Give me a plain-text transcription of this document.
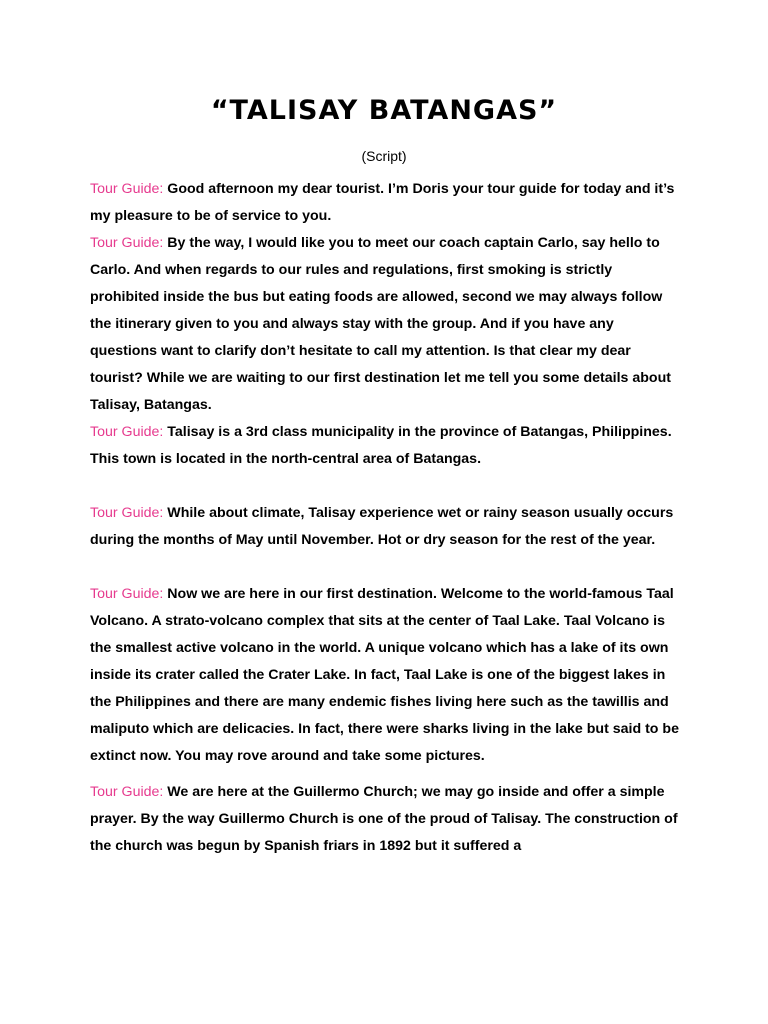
“TALISAY BATANGAS”

(Script)

Tour Guide: Good afternoon my dear tourist. I’m Doris your tour guide for today and it’s my pleasure to be of service to you.

Tour Guide: By the way, I would like you to meet our coach captain Carlo, say hello to Carlo. And when regards to our rules and regulations, first smoking is strictly prohibited inside the bus but eating foods are allowed, second we may always follow the itinerary given to you and always stay with the group. And if you have any questions want to clarify don’t hesitate to call my attention. Is that clear my dear tourist? While we are waiting to our first destination let me tell you some details about Talisay, Batangas.

Tour Guide: Talisay is a 3rd class municipality in the province of Batangas, Philippines. This town is located in the north-central area of Batangas.

Tour Guide: While about climate, Talisay experience wet or rainy season usually occurs during the months of May until November. Hot or dry season for the rest of the year.

Tour Guide: Now we are here in our first destination. Welcome to the world-famous Taal Volcano. A strato-volcano complex that sits at the center of Taal Lake. Taal Volcano is the smallest active volcano in the world. A unique volcano which has a lake of its own inside its crater called the Crater Lake. In fact, Taal Lake is one of the biggest lakes in the Philippines and there are many endemic fishes living here such as the tawillis and maliputo which are delicacies. In fact, there were sharks living in the lake but said to be extinct now. You may rove around and take some pictures.

Tour Guide: We are here at the Guillermo Church; we may go inside and offer a simple prayer. By the way Guillermo Church is one of the proud of Talisay. The construction of the church was begun by Spanish friars in 1892 but it suffered a
